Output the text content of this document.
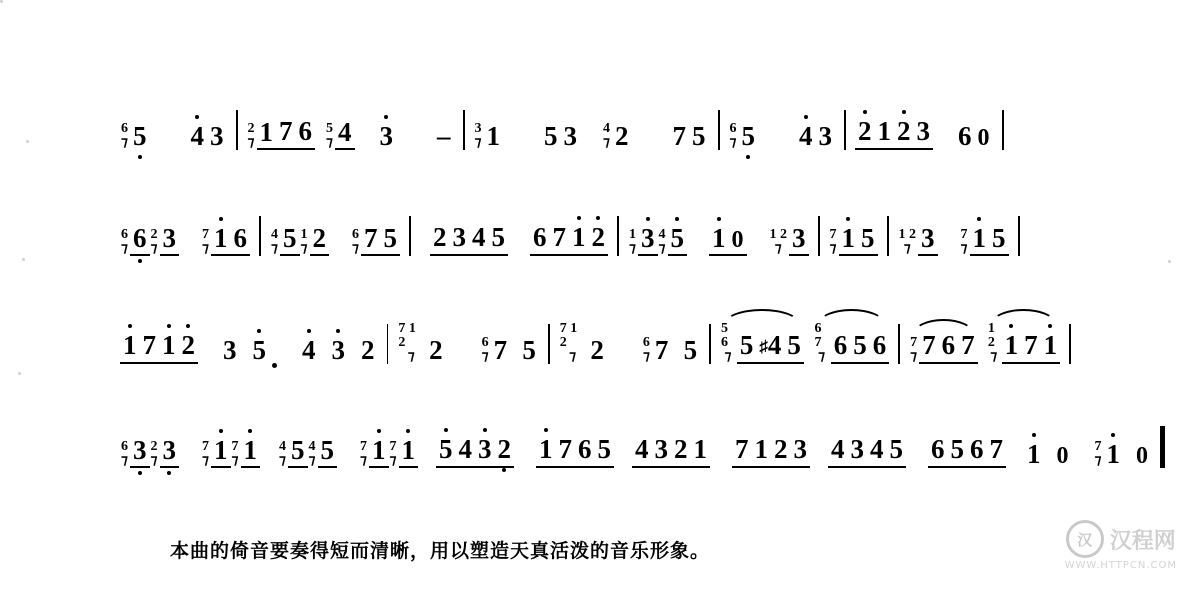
6
⁊ 5 4 3 2
⁊ 1 7 6 5
⁊ 4 3 – 3
⁊ 1 5 3 4
⁊ 2 7 5 6
⁊ 5 4 3 2 1 2 3 6 0
6
⁊ 6 2
⁊ 3 7
⁊ 1 6 4
⁊ 5 1
⁊ 2 6
⁊ 7 5 2 3 4 5 6 7 1 2 1
⁊ 3 4
⁊ 5 1 0 1 2
⁊ 3 7
⁊ 1 5 1 2
⁊ 3 7
⁊ 1 5
1 7 1 2 3 5 4 3 2
7 1 2
⁊ 2	6
⁊ 7 5
7 1 2
⁊ 2	6
⁊ 7 5
5 6
⁊ 5 ♯4 5
6 7
⁊ 6 5 6 7
⁊ 7 6 7
1 2
⁊ 1 7 1
6
⁊ 3 2
⁊ 3 7
⁊ 1 7
⁊ 1 4
⁊ 5 4
⁊ 5 7
⁊ 1 7
⁊ 1 5 4 3 2 1 7 6 5 4 3 2 1 7 1 2 3 4 3 4 5 6 5 6 7 1 0 7
⁊ 1 0
本曲的倚音要奏得短而清晰，用以塑造天真活泼的音乐形象。
汉 汉程网
WWW.HTTPCN.COM
